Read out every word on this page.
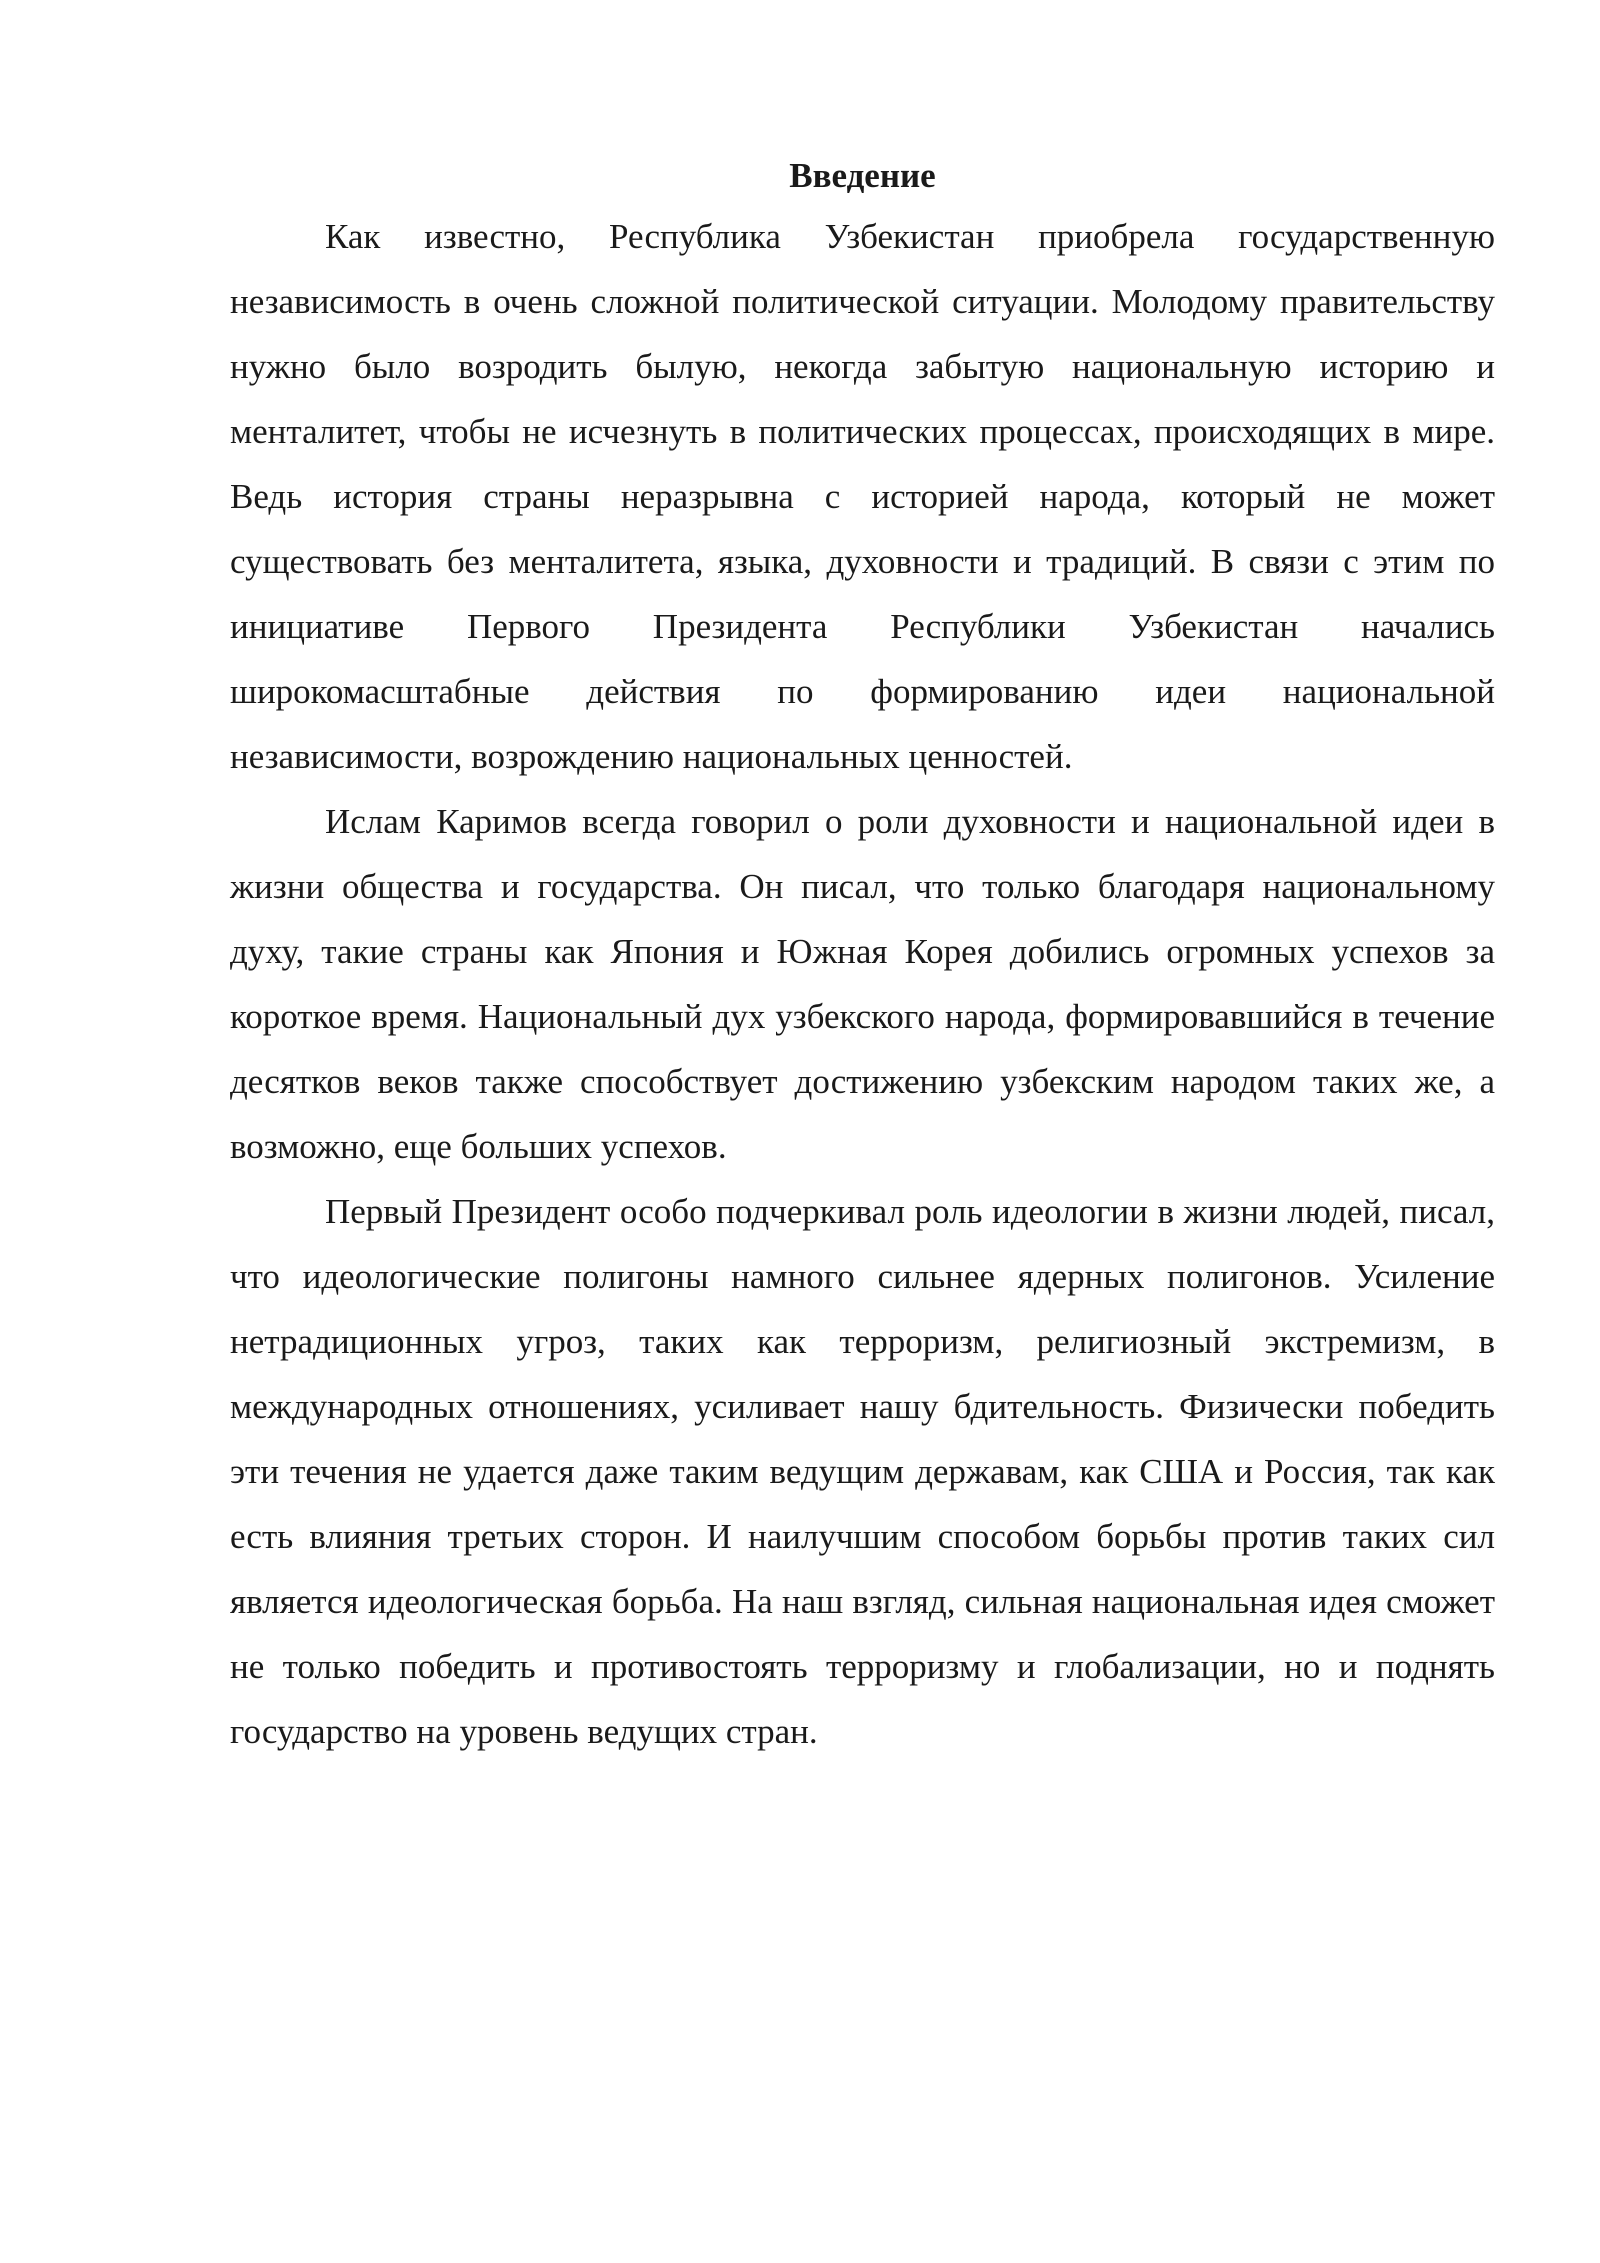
Введение

Как известно, Республика Узбекистан приобрела государственную независимость в очень сложной политической ситуации. Молодому правительству нужно было возродить былую, некогда забытую национальную историю и менталитет, чтобы не исчезнуть в политических процессах, происходящих в мире. Ведь история страны неразрывна с историей народа, который не может существовать без менталитета, языка, духовности и традиций. В связи с этим по инициативе Первого Президента Республики Узбекистан начались широкомасштабные действия по формированию идеи национальной независимости, возрождению национальных ценностей.

Ислам Каримов всегда говорил о роли духовности и национальной идеи в жизни общества и государства. Он писал, что только благодаря национальному духу, такие страны как Япония и Южная Корея добились огромных успехов за короткое время. Национальный дух узбекского народа, формировавшийся в течение десятков веков также способствует достижению узбекским народом таких же, а возможно, еще больших успехов.

Первый Президент особо подчеркивал роль идеологии в жизни людей, писал, что идеологические полигоны намного сильнее ядерных полигонов. Усиление нетрадиционных угроз, таких как терроризм, религиозный экстремизм, в международных отношениях, усиливает нашу бдительность. Физически победить эти течения не удается даже таким ведущим державам, как США и Россия, так как есть влияния третьих сторон. И наилучшим способом борьбы против таких сил является идеологическая борьба. На наш взгляд, сильная национальная идея сможет не только победить и противостоять терроризму и глобализации, но и поднять государство на уровень ведущих стран.
